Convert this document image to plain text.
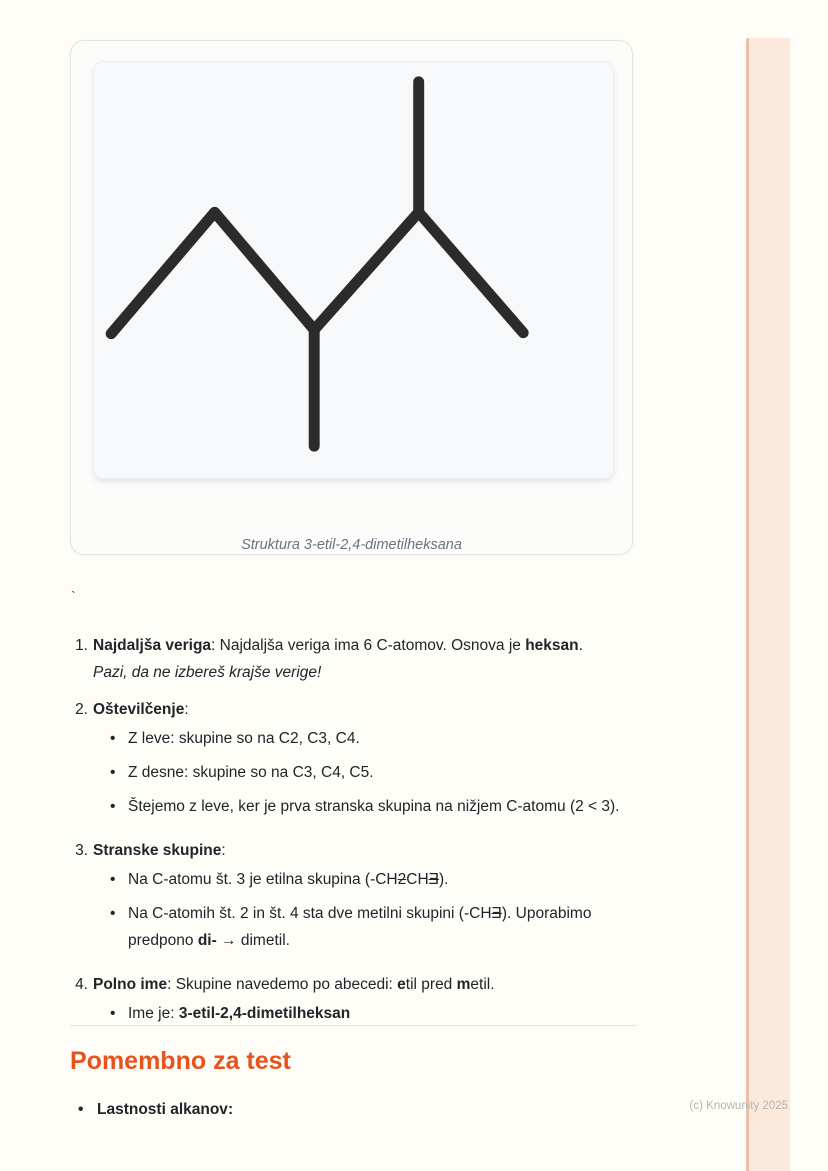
Struktura 3-etil-2,4-dimetilheksana
`
1. Najdaljša veriga: Najdaljša veriga ima 6 C-atomov. Osnova je heksan.
Pazi, da ne izbereš krajše verige!
2. Oštevilčenje:
• Z leve: skupine so na C2, C3, C4.
• Z desne: skupine so na C3, C4, C5.
• Štejemo z leve, ker je prva stranska skupina na nižjem C-atomu (2 < 3).
3. Stranske skupine:
• Na C-atomu št. 3 je etilna skupina (-CH2CHƎ).
• Na C-atomih št. 2 in št. 4 sta dve metilni skupini (-CHƎ). Uporabimo predpono di- → dimetil.
4. Polno ime: Skupine navedemo po abecedi: etil pred metil.
• Ime je: 3-etil-2,4-dimetilheksan
Pomembno za test
• Lastnosti alkanov:	(c) Knowunity 2025
